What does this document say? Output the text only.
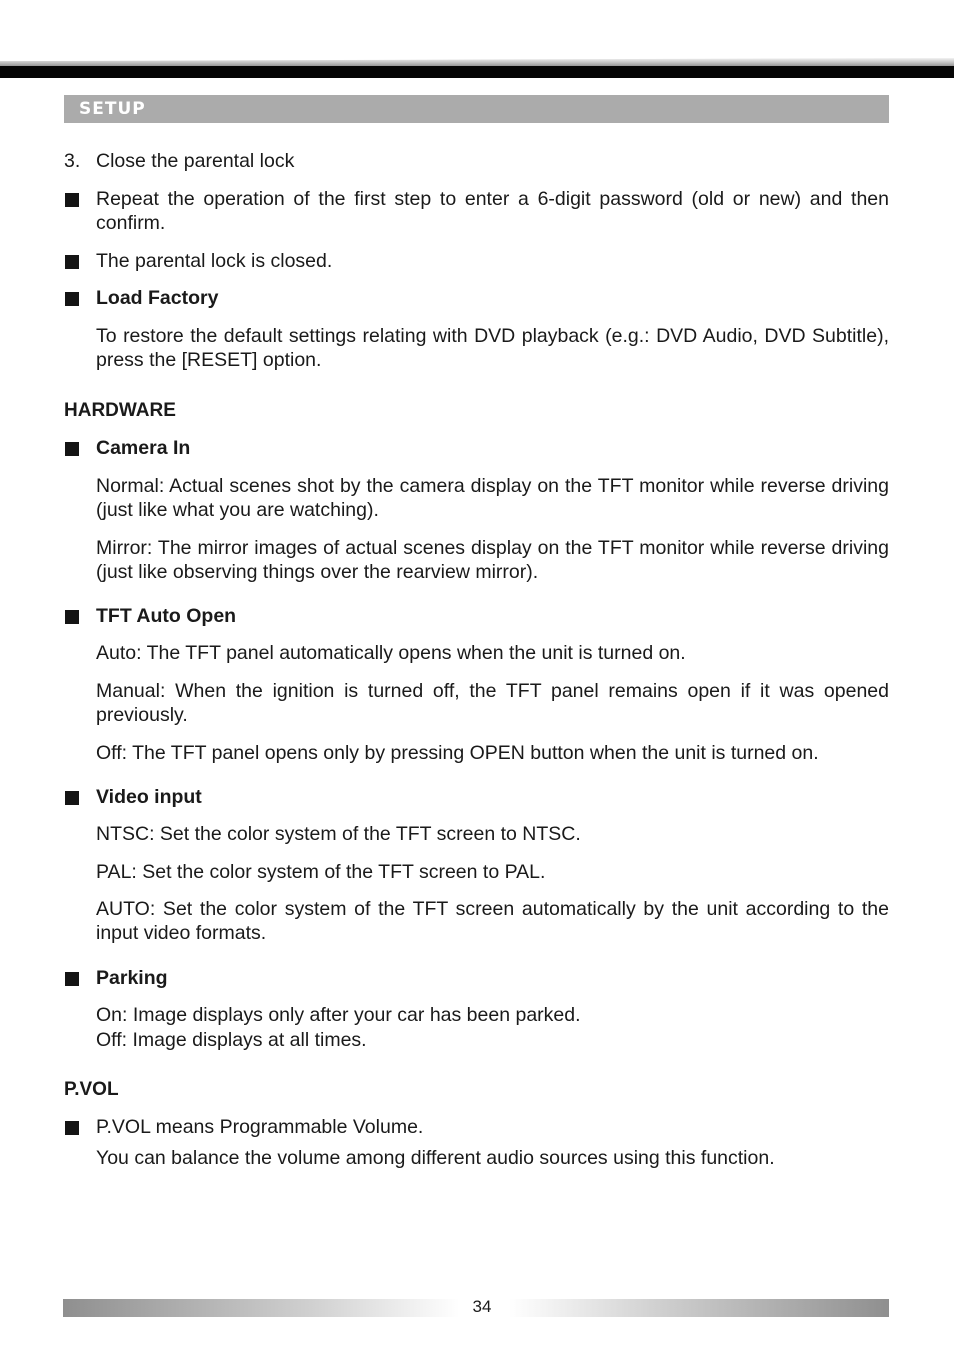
SETUP

3. Close the parental lock

Repeat the operation of the first step to enter a 6-digit password (old or new) and then confirm.

The parental lock is closed.

Load Factory

To restore the default settings relating with DVD playback (e.g.: DVD Audio, DVD Subtitle), press the [RESET] option.

HARDWARE

Camera In

Normal: Actual scenes shot by the camera display on the TFT monitor while reverse driving (just like what you are watching).

Mirror: The mirror images of actual scenes display on the TFT monitor while reverse driving (just like observing things over the rearview mirror).

TFT Auto Open

Auto: The TFT panel automatically opens when the unit is turned on.

Manual: When the ignition is turned off, the TFT panel remains open if it was opened previously.

Off: The TFT panel opens only by pressing OPEN button when the unit is turned on.

Video input

NTSC: Set the color system of the TFT screen to NTSC.

PAL: Set the color system of the TFT screen to PAL.

AUTO: Set the color system of the TFT screen automatically by the unit according to the input video formats.

Parking

On: Image displays only after your car has been parked.

Off: Image displays at all times.

P.VOL

P.VOL means Programmable Volume.

You can balance the volume among different audio sources using this function.

34
